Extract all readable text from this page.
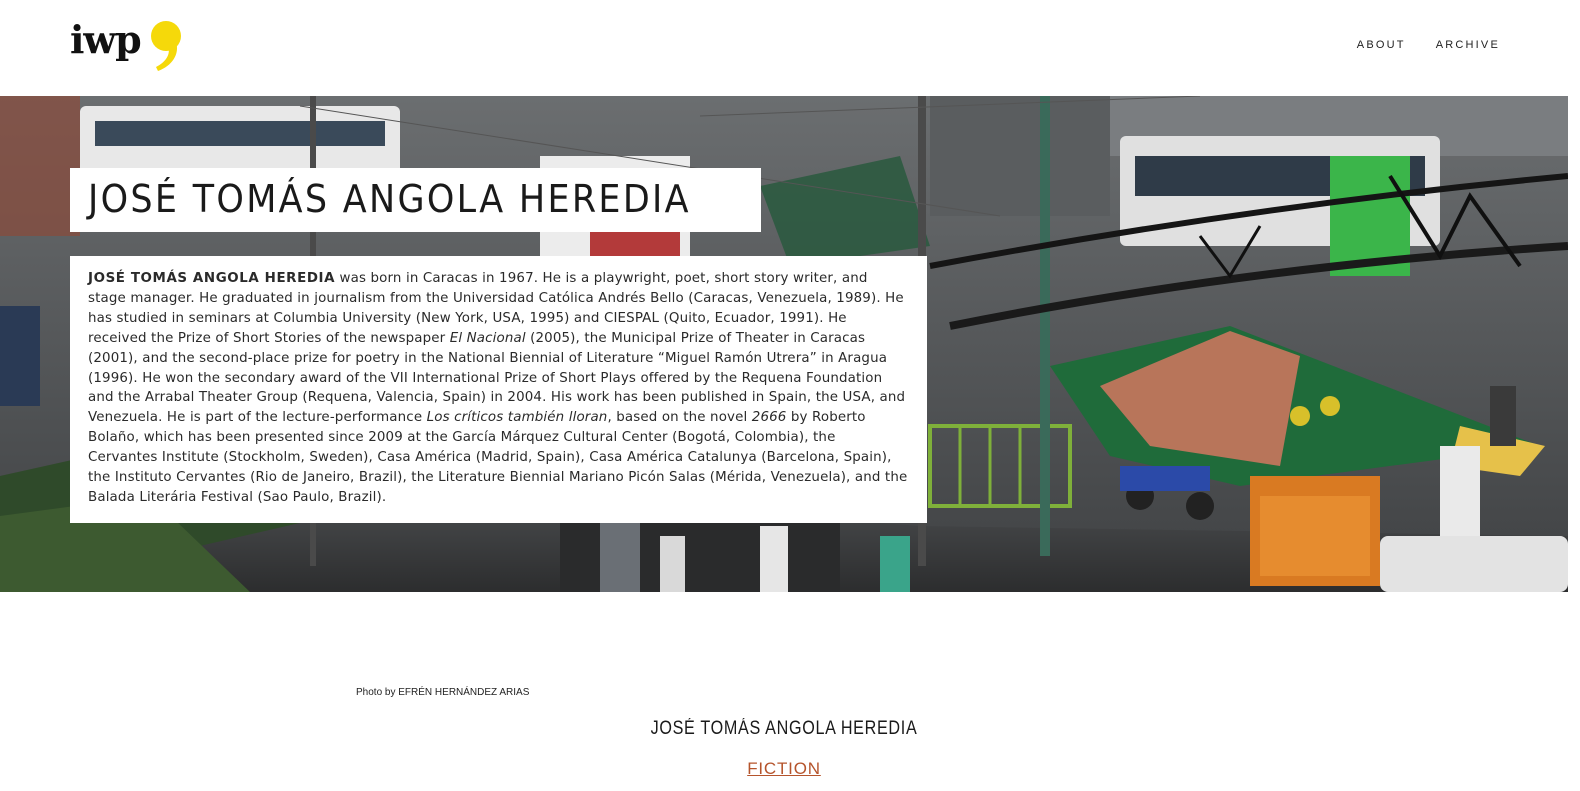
iwp	ABOUT	ARCHIVE
JOSÉ TOMÁS ANGOLA HEREDIA

JOSÉ TOMÁS ANGOLA HEREDIA was born in Caracas in 1967. He is a playwright, poet, short story writer, and stage manager. He graduated in journalism from the Universidad Católica Andrés Bello (Caracas, Venezuela, 1989). He has studied in seminars at Columbia University (New York, USA, 1995) and CIESPAL (Quito, Ecuador, 1991). He received the Prize of Short Stories of the newspaper El Nacional (2005), the Municipal Prize of Theater in Caracas (2001), and the second-place prize for poetry in the National Biennial of Literature “Miguel Ramón Utrera” in Aragua (1996). He won the secondary award of the VII International Prize of Short Plays offered by the Requena Foundation and the Arrabal Theater Group (Requena, Valencia, Spain) in 2004. His work has been published in Spain, the USA, and Venezuela. He is part of the lecture-performance Los críticos también lloran, based on the novel 2666 by Roberto Bolaño, which has been presented since 2009 at the García Márquez Cultural Center (Bogotá, Colombia), the Cervantes Institute (Stockholm, Sweden), Casa América (Madrid, Spain), Casa América Catalunya (Barcelona, Spain), the Instituto Cervantes (Rio de Janeiro, Brazil), the Literature Biennial Mariano Picón Salas (Mérida, Venezuela), and the Balada Literária Festival (Sao Paulo, Brazil).

Photo by EFRÉN HERNÁNDEZ ARIAS
JOSÉ TOMÁS ANGOLA HEREDIA
FICTION
